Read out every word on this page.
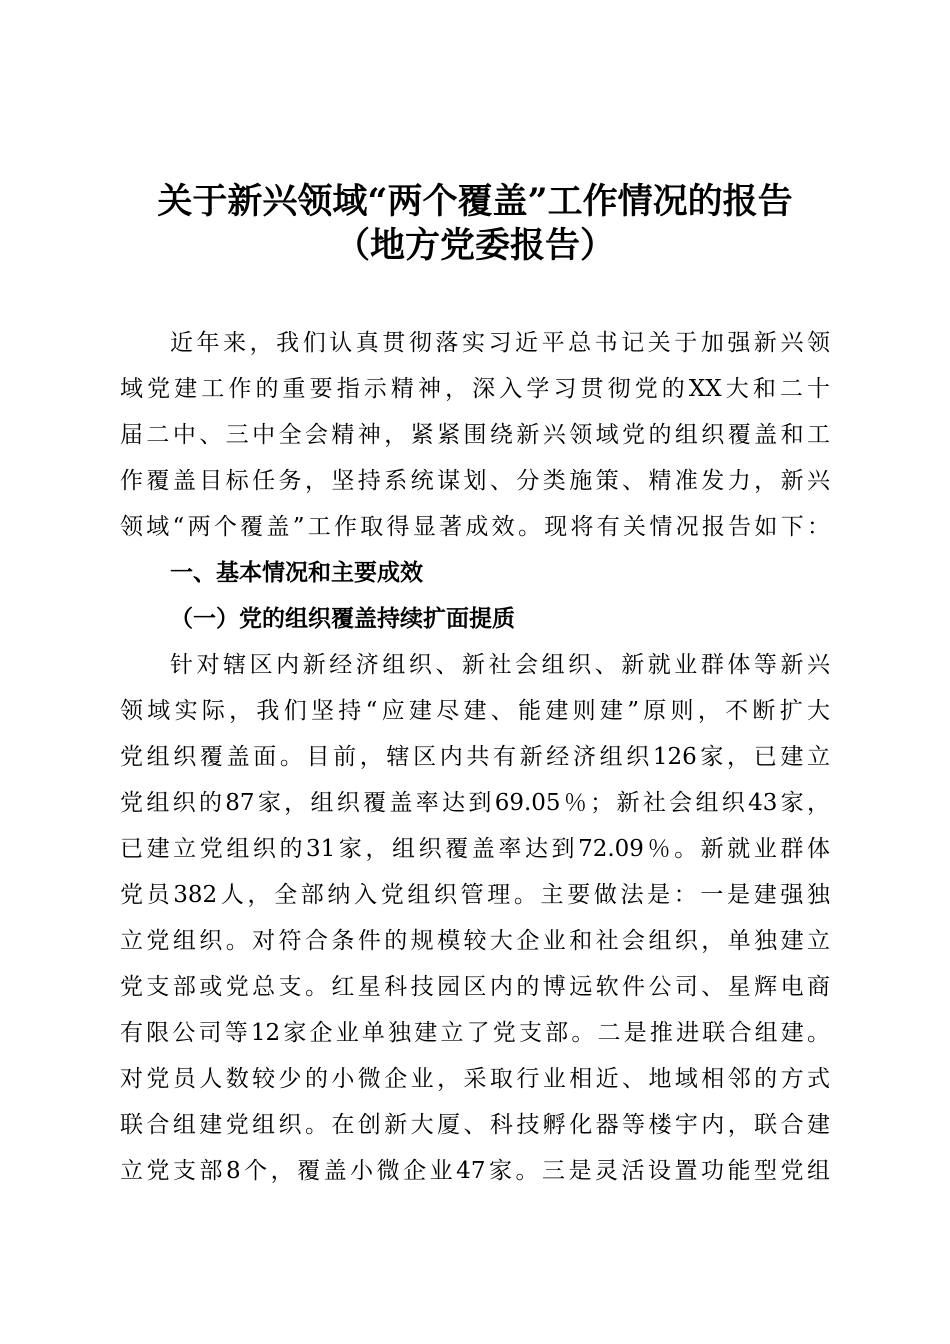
关于新兴领域“两个覆盖”工作情况的报告
（地方党委报告）
近年来，我们认真贯彻落实习近平总书记关于加强新兴领
域党建工作的重要指示精神，深入学习贯彻党的XX大和二十
届二中、三中全会精神，紧紧围绕新兴领域党的组织覆盖和工
作覆盖目标任务，坚持系统谋划、分类施策、精准发力，新兴
领域“两个覆盖”工作取得显著成效。现将有关情况报告如下：
一、基本情况和主要成效
（一）党的组织覆盖持续扩面提质
针对辖区内新经济组织、新社会组织、新就业群体等新兴
领域实际，我们坚持“应建尽建、能建则建”原则，不断扩大
党组织覆盖面。目前，辖区内共有新经济组织126家，已建立
党组织的87家，组织覆盖率达到69.05％；新社会组织43家，
已建立党组织的31家，组织覆盖率达到72.09％。新就业群体
党员382人，全部纳入党组织管理。主要做法是：一是建强独
立党组织。对符合条件的规模较大企业和社会组织，单独建立
党支部或党总支。红星科技园区内的博远软件公司、星辉电商
有限公司等12家企业单独建立了党支部。二是推进联合组建。
对党员人数较少的小微企业，采取行业相近、地域相邻的方式
联合组建党组织。在创新大厦、科技孵化器等楼宇内，联合建
立党支部8个，覆盖小微企业47家。三是灵活设置功能型党组
